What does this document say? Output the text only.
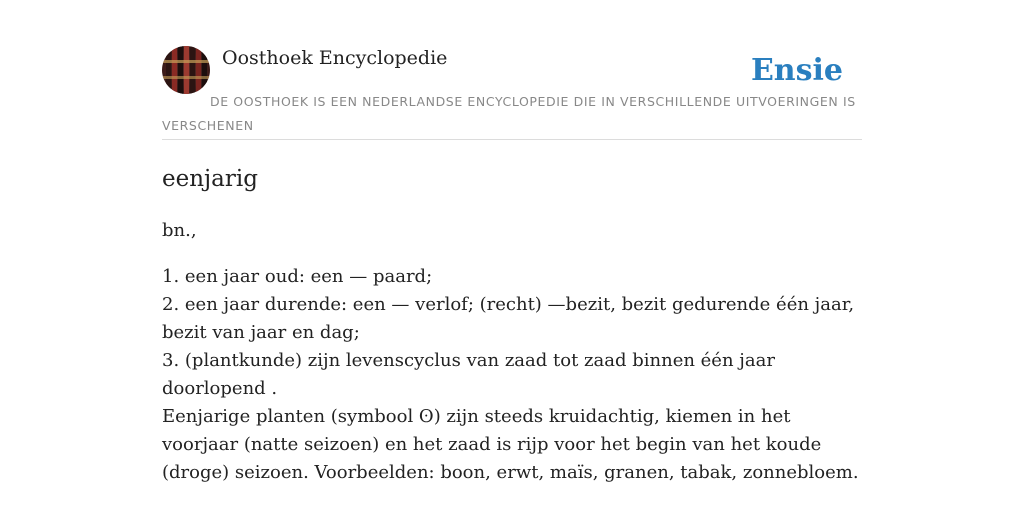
Oosthoek Encyclopedie	Ensie
DE OOSTHOEK IS EEN NEDERLANDSE ENCYCLOPEDIE DIE IN VERSCHILLENDE UITVOERINGEN IS VERSCHENEN
eenjarig
bn.,
1. een jaar oud: een — paard;
2. een jaar durende: een — verlof; (recht) —bezit, bezit gedurende één jaar, bezit van jaar en dag;
3. (plantkunde) zijn levenscyclus van zaad tot zaad binnen één jaar doorlopend .
Eenjarige planten (symbool ʘ) zijn steeds kruidachtig, kiemen in het voorjaar (natte seizoen) en het zaad is rijp voor het begin van het koude (droge) seizoen. Voorbeelden: boon, erwt, maïs, granen, tabak, zonnebloem.
